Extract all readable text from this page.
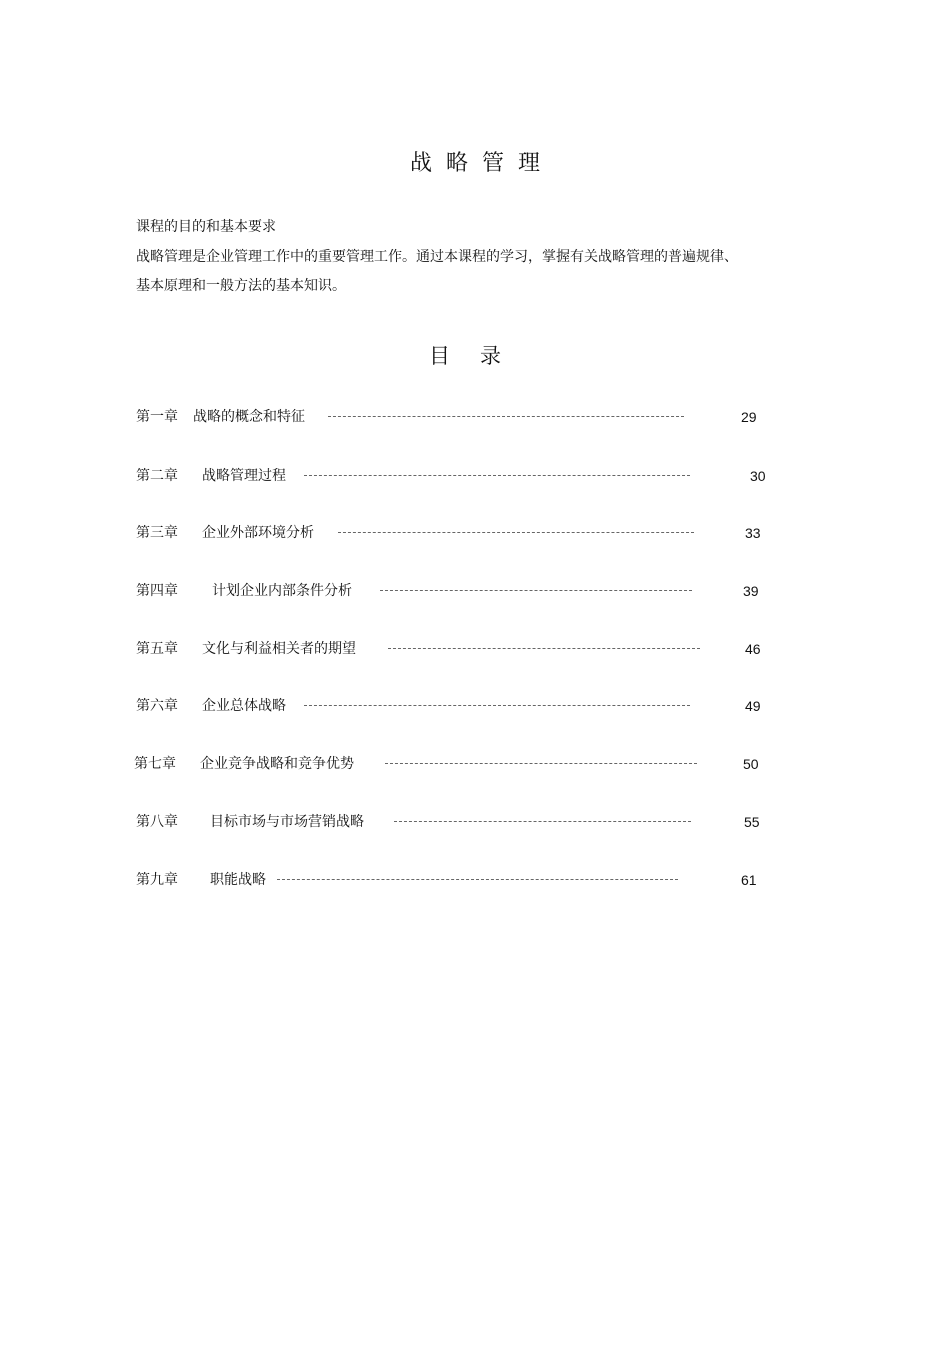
战略管理
课程的目的和基本要求
战略管理是企业管理工作中的重要管理工作。通过本课程的学习，掌握有关战略管理的普遍规律、
基本原理和一般方法的基本知识。
目录
第一章 战略的概念和特征	29
第二章 战略管理过程	30
第三章 企业外部环境分析	33
第四章 计划企业内部条件分析	39
第五章 文化与利益相关者的期望	46
第六章 企业总体战略	49
第七章 企业竞争战略和竞争优势	50
第八章 目标市场与市场营销战略	55
第九章 职能战略	61
